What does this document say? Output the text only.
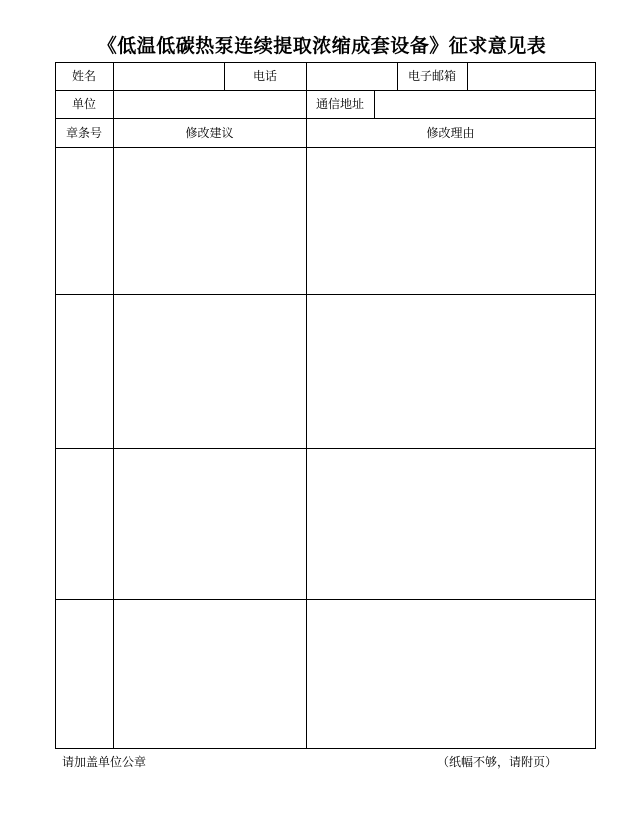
《低温低碳热泵连续提取浓缩成套设备》征求意见表
姓名	电话	电子邮箱
单位	通信地址
章条号	修改建议	修改理由
请加盖单位公章	（纸幅不够，请附页）
